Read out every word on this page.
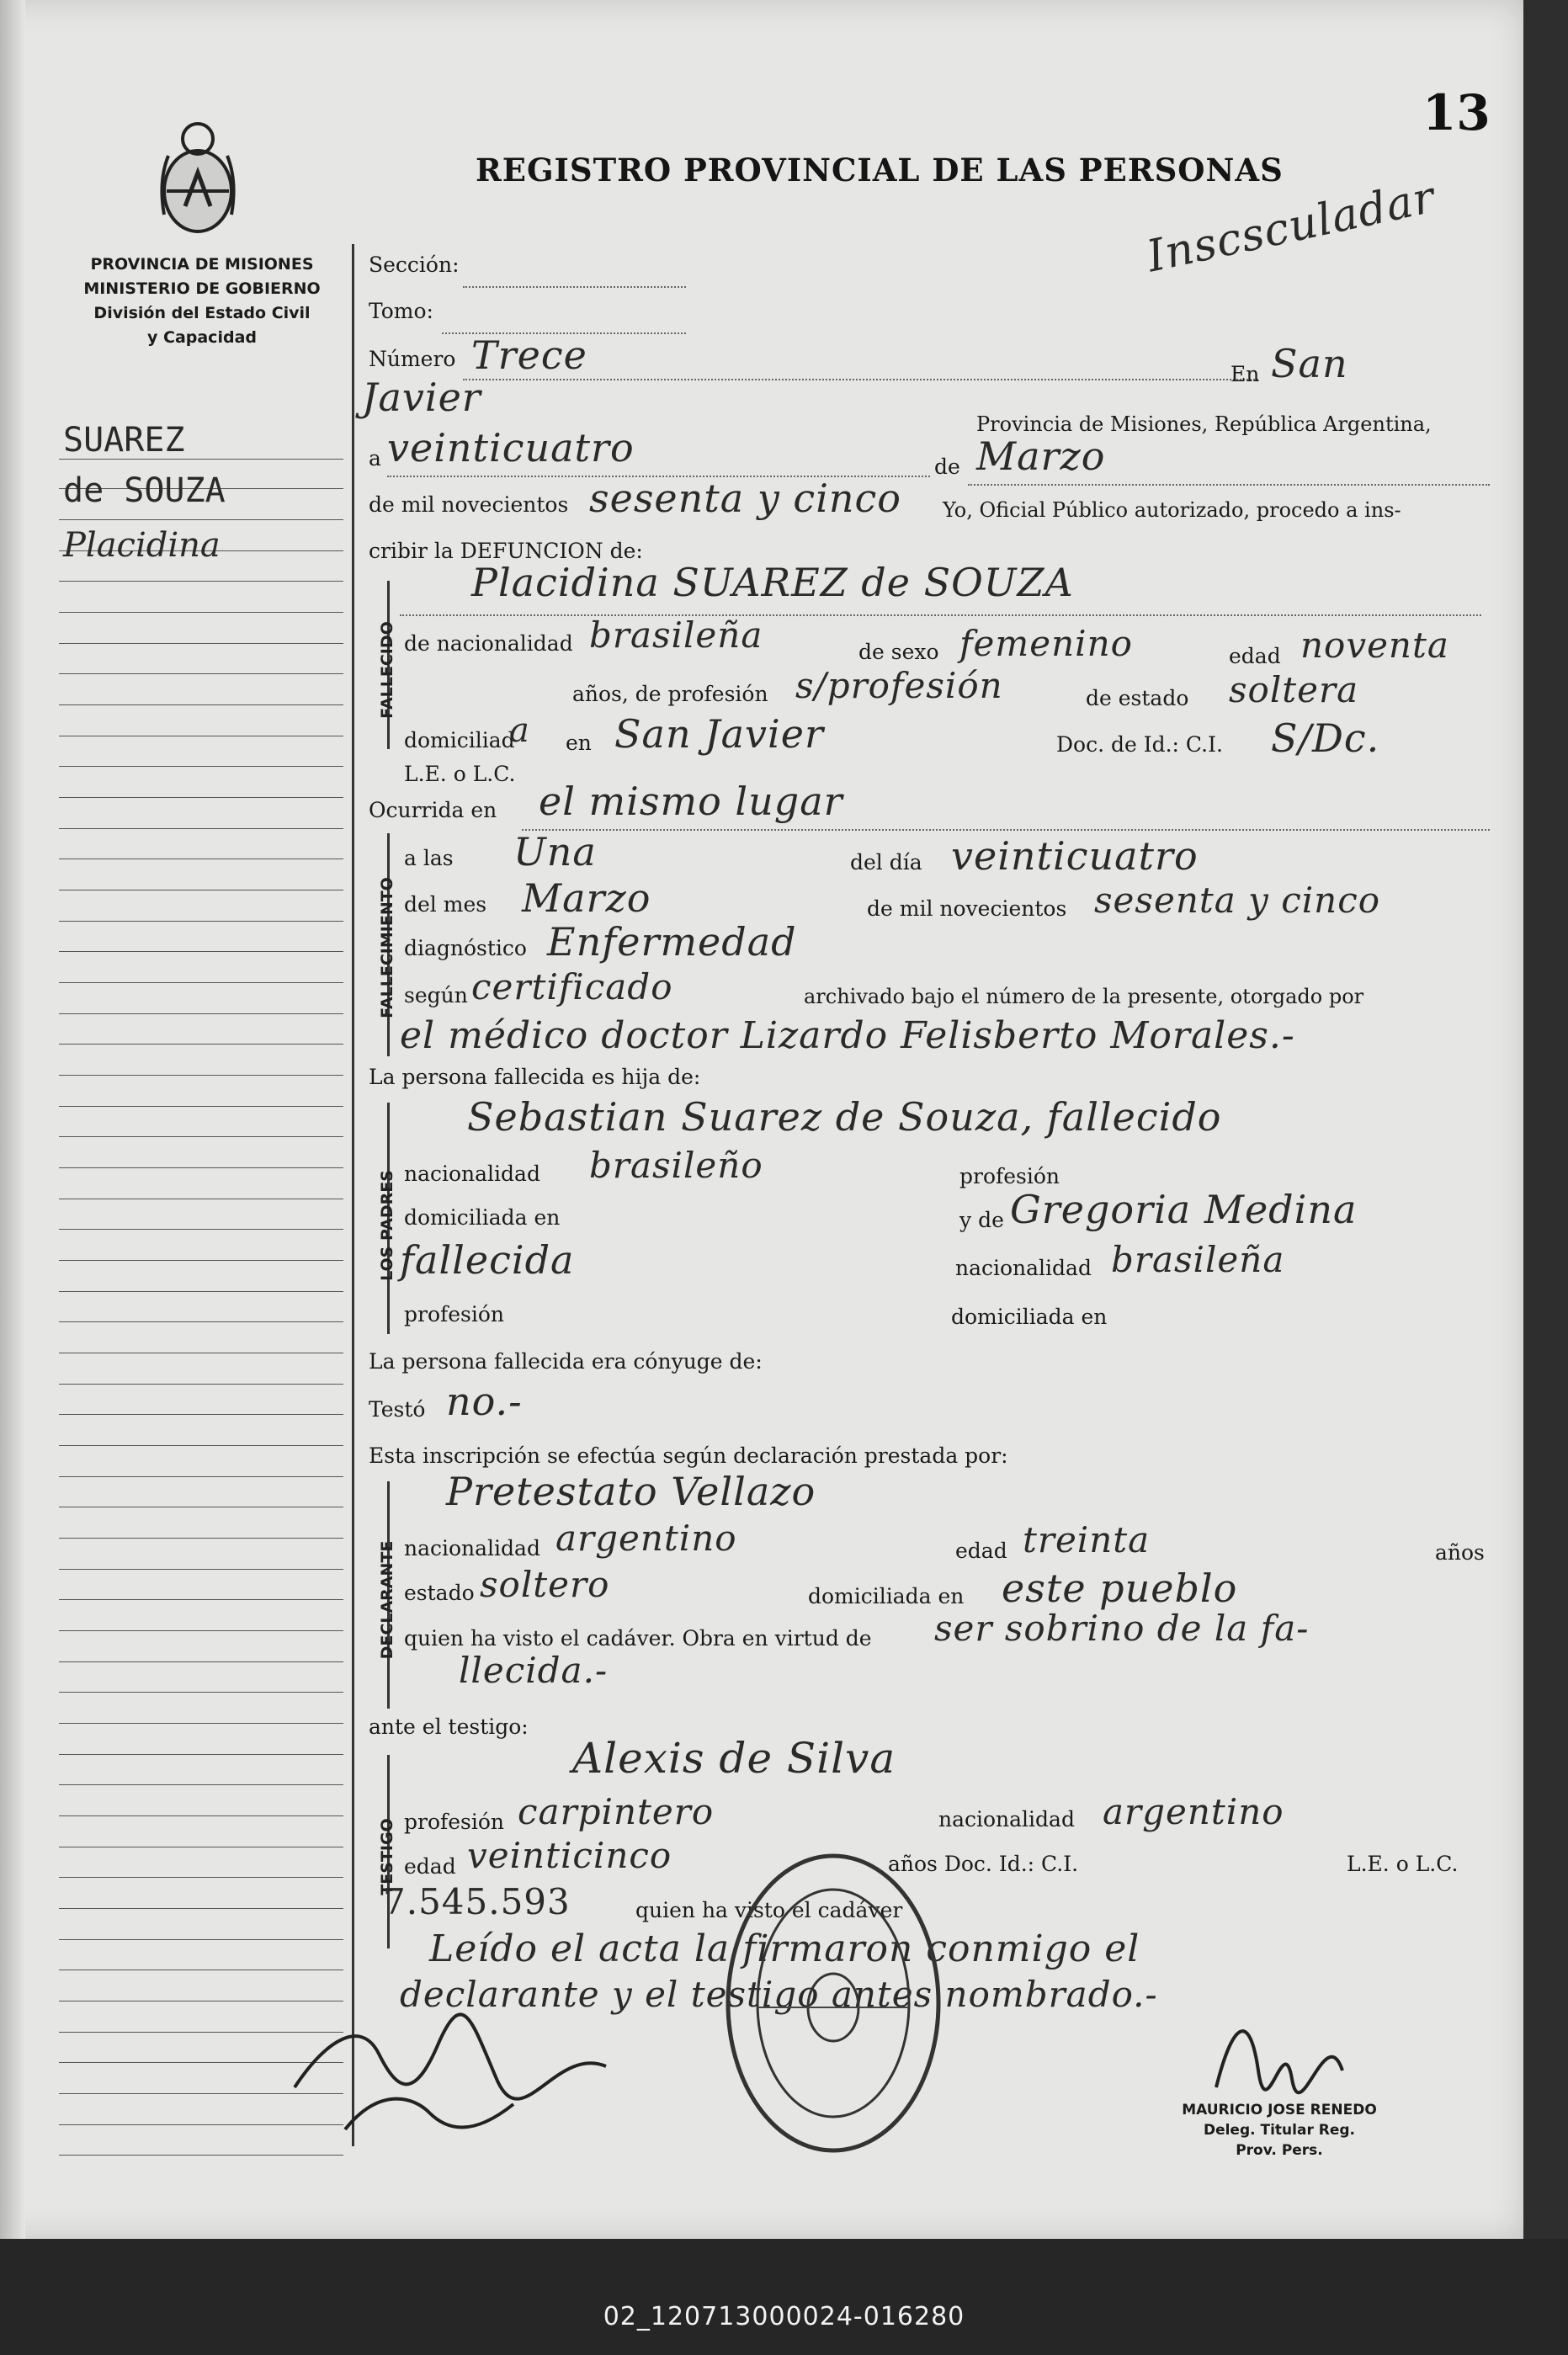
SUAREZ
de SOUZA
Placidina
PROVINCIA DE MISIONES
MINISTERIO DE GOBIERNO
División del Estado Civil
y Capacidad
REGISTRO PROVINCIAL DE LAS PERSONAS
13
Inscsculadar
Sección:
Tomo:
Número Trece	En San
Javier
Provincia de Misiones, República Argentina,
a veinticuatro	de Marzo
de mil novecientos sesenta y cinco Yo, Oficial Público autorizado, procedo a ins-
cribir la DEFUNCION de:
FALLECIDO
Placidina SUAREZ de SOUZA
de nacionalidad brasileña	de sexo femenino	edad noventa
años, de profesión s/profesión	de estado soltera
domiciliad
a en San Javier	Doc. de Id.: C.I. S/Dc.
L.E. o L.C.
Ocurrida en el mismo lugar
FALLECIMIENTO
a las Una	del día veinticuatro
del mes Marzo	de mil novecientos sesenta y cinco
diagnóstico Enfermedad
según certificado	archivado bajo el número de la presente, otorgado por
el médico doctor Lizardo Felisberto Morales.-
La persona fallecida es hija de:
LOS PADRES
Sebastian Suarez de Souza, fallecido
nacionalidad brasileño	profesión
domiciliada en	y de Gregoria Medina
fallecida	nacionalidad brasileña
profesión	domiciliada en
La persona fallecida era cónyuge de:
Testó no.-
Esta inscripción se efectúa según declaración prestada por:
DECLARANTE
Pretestato Vellazo
nacionalidad argentino	edad treinta	años
estado soltero	domiciliada en este pueblo
quien ha visto el cadáver. Obra en virtud de ser sobrino de la fa-
llecida.-
ante el testigo:
TESTIGO
Alexis de Silva
profesión carpintero	nacionalidad argentino
edad veinticinco	años Doc. Id.: C.I.	L.E. o L.C.
7.545.593	quien ha visto el cadáver
Leído el acta la firmaron conmigo el
declarante y el testigo antes nombrado.-
MAURICIO JOSE RENEDO
Deleg. Titular Reg.
Prov. Pers.
02_120713000024-016280
